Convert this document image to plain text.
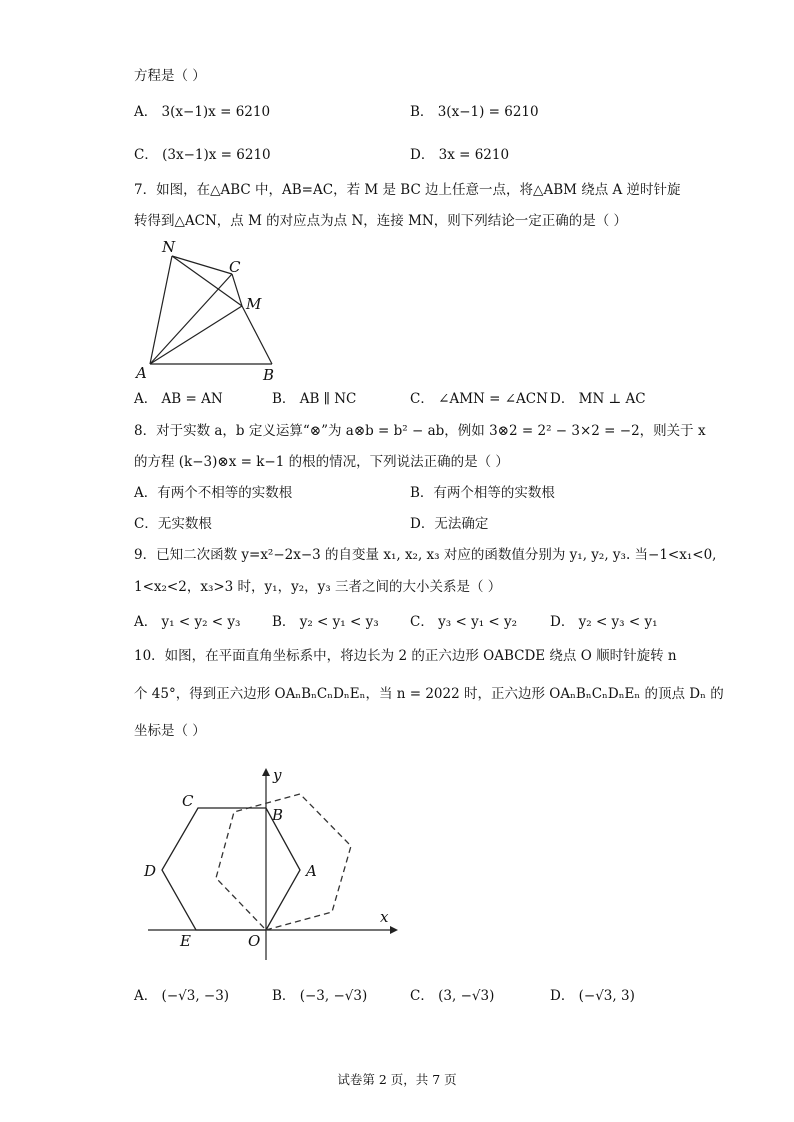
方程是（ ）
A． 3(x−1)x = 6210	B． 3(x−1) = 6210
C． (3x−1)x = 6210	D． 3x = 6210
7．如图，在△ABC 中，AB=AC，若 M 是 BC 边上任意一点，将△ABM 绕点 A 逆时针旋
转得到△ACN，点 M 的对应点为点 N，连接 MN，则下列结论一定正确的是（ ）
N
C
M
A	B
A． AB = AN	B． AB ∥ NC	C． ∠AMN = ∠ACN D． MN ⊥ AC
8．对于实数 a，b 定义运算“⊗”为 a⊗b = b² − ab，例如 3⊗2 = 2² − 3×2 = −2，则关于 x
的方程 (k−3)⊗x = k−1 的根的情况，下列说法正确的是（ ）
A．有两个不相等的实数根	B．有两个相等的实数根
C．无实数根	D．无法确定
9．已知二次函数 y=x²−2x−3 的自变量 x₁, x₂, x₃ 对应的函数值分别为 y₁, y₂, y₃. 当−1<x₁<0,
1<x₂<2，x₃>3 时，y₁，y₂，y₃ 三者之间的大小关系是（ ）
A． y₁ < y₂ < y₃ B． y₂ < y₁ < y₃ C． y₃ < y₁ < y₂ D． y₂ < y₃ < y₁
10．如图，在平面直角坐标系中，将边长为 2 的正六边形 OABCDE 绕点 O 顺时针旋转 n
个 45°，得到正六边形 OAₙBₙCₙDₙEₙ，当 n = 2022 时，正六边形 OAₙBₙCₙDₙEₙ 的顶点 Dₙ 的
坐标是（ ）
C
B
D	A
E	O
x
y
A． (−√3, −3)	B． (−3, −√3)	C． (3, −√3)	D． (−√3, 3)
试卷第 2 页，共 7 页
